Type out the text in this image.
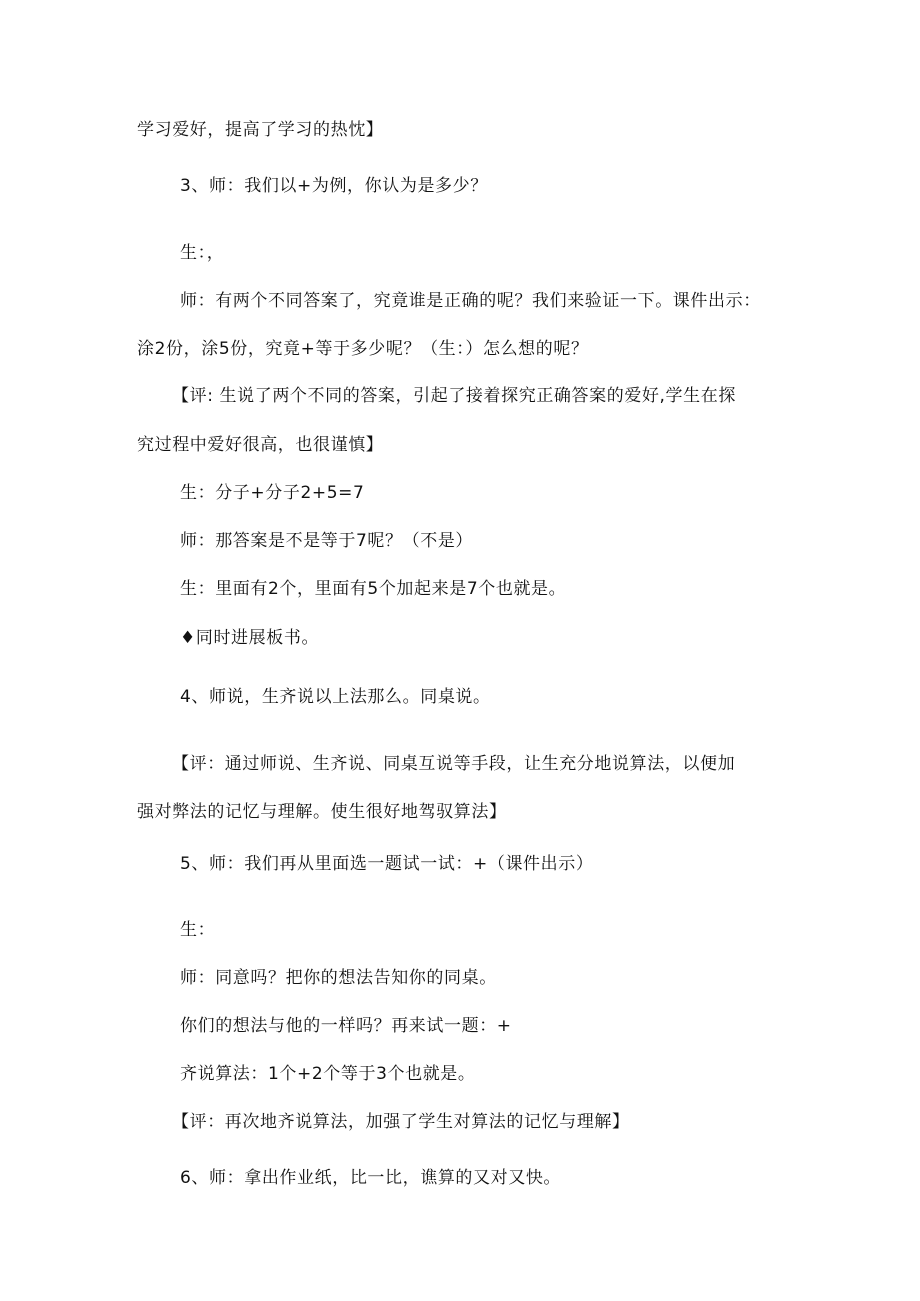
学习爱好，提高了学习的热忱】
3、师：我们以+为例，你认为是多少？
生：，
师：有两个不同答案了，究竟谁是正确的呢？我们来验证一下。课件出示：
涂2份，涂5份，究竟+等于多少呢？（生：）怎么想的呢？
【评: 生说了两个不同的答案，引起了接着探究正确答案的爱好,学生在探
究过程中爱好很高，也很谨慎】
生：分子+分子2+5=7
师：那答案是不是等于7呢？（不是）
生：里面有2个，里面有5个加起来是7个也就是。
♦同时进展板书。
4、师说，生齐说以上法那么。同桌说。
【评：通过师说、生齐说、同桌互说等手段，让生充分地说算法，以便加
强对弊法的记忆与理解。使生很好地驾驭算法】
5、师：我们再从里面选一题试一试：+（课件出示）
生：
师：同意吗？把你的想法告知你的同桌。
你们的想法与他的一样吗？再来试一题：+
齐说算法：1个+2个等于3个也就是。
【评：再次地齐说算法，加强了学生对算法的记忆与理解】
6、师：拿出作业纸，比一比，谯算的又对又快。
